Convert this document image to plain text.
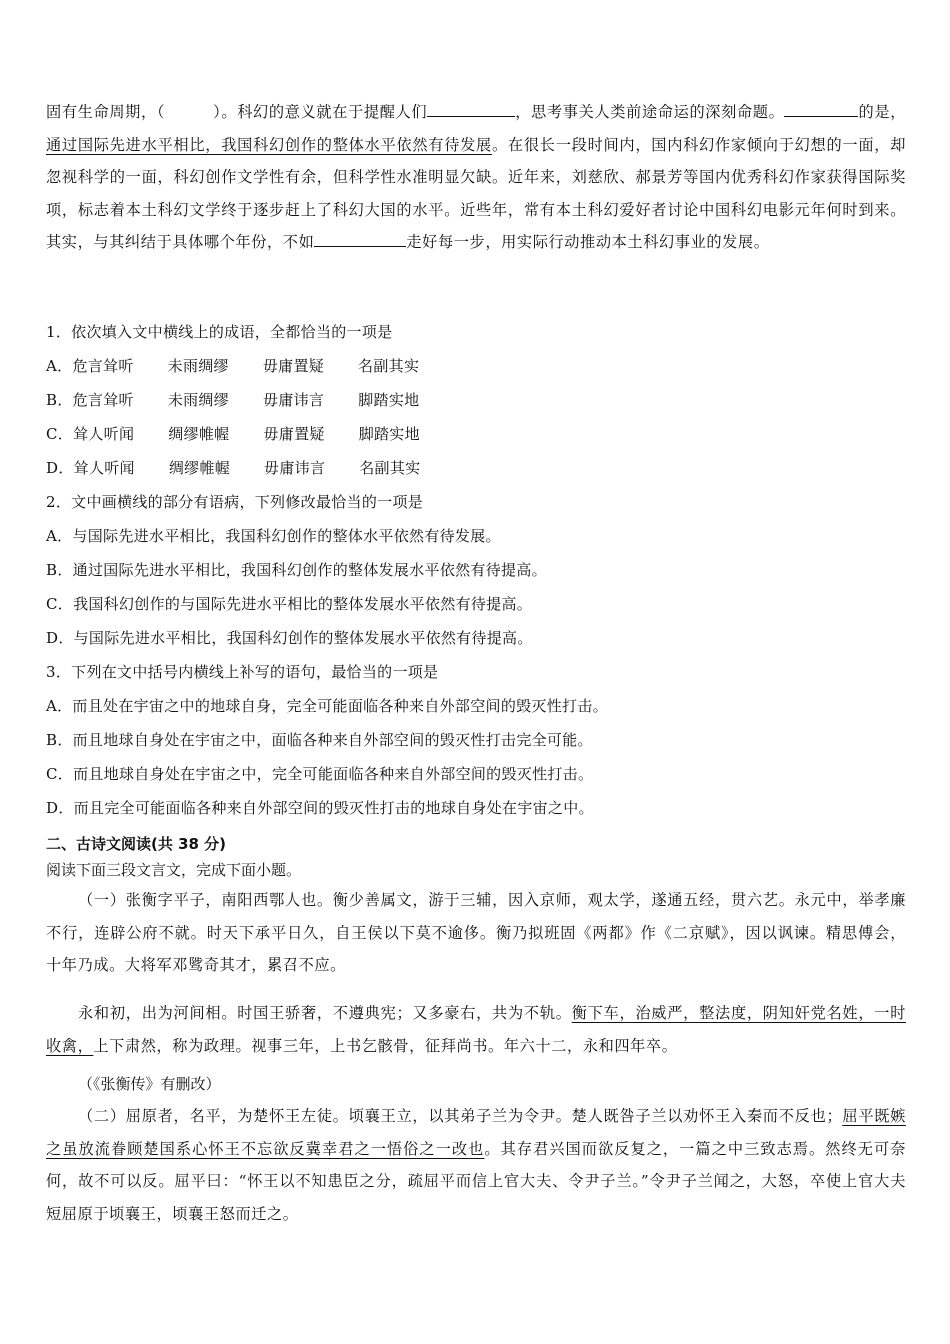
固有生命周期，（	）。科幻的意义就在于提醒人们	，思考事关人类前途命运的深刻命题。	的是，通过国际先进水平相比，我国科幻创作的整体水平依然有待发展。在很长一段时间内，国内科幻作家倾向于幻想的一面，却忽视科学的一面，科幻创作文学性有余，但科学性水准明显欠缺。近年来，刘慈欣、郝景芳等国内优秀科幻作家获得国际奖项，标志着本土科幻文学终于逐步赶上了科幻大国的水平。近些年，常有本土科幻爱好者讨论中国科幻电影元年何时到来。其实，与其纠结于具体哪个年份，不如	走好每一步，用实际行动推动本土科幻事业的发展。

1．依次填入文中横线上的成语，全都恰当的一项是

A．危言耸听 未雨绸缪 毋庸置疑 名副其实

B．危言耸听 未雨绸缪 毋庸讳言 脚踏实地

C．耸人听闻 绸缪帷幄 毋庸置疑 脚踏实地

D．耸人听闻 绸缪帷幄 毋庸讳言 名副其实

2．文中画横线的部分有语病，下列修改最恰当的一项是

A．与国际先进水平相比，我国科幻创作的整体水平依然有待发展。

B．通过国际先进水平相比，我国科幻创作的整体发展水平依然有待提高。

C．我国科幻创作的与国际先进水平相比的整体发展水平依然有待提高。

D．与国际先进水平相比，我国科幻创作的整体发展水平依然有待提高。

3．下列在文中括号内横线上补写的语句，最恰当的一项是

A．而且处在宇宙之中的地球自身，完全可能面临各种来自外部空间的毁灭性打击。

B．而且地球自身处在宇宙之中，面临各种来自外部空间的毁灭性打击完全可能。

C．而且地球自身处在宇宙之中，完全可能面临各种来自外部空间的毁灭性打击。

D．而且完全可能面临各种来自外部空间的毁灭性打击的地球自身处在宇宙之中。

二、古诗文阅读(共 38 分)

阅读下面三段文言文，完成下面小题。

（一）张衡字平子，南阳西鄂人也。衡少善属文，游于三辅，因入京师，观太学，遂通五经，贯六艺。永元中，举孝廉不行，连辟公府不就。时天下承平日久，自王侯以下莫不逾侈。衡乃拟班固《两都》作《二京赋》，因以讽谏。精思傅会，十年乃成。大将军邓骘奇其才，累召不应。

永和初，出为河间相。时国王骄奢，不遵典宪；又多豪右，共为不轨。衡下车，治威严，整法度，阴知奸党名姓，一时收禽，上下肃然，称为政理。视事三年，上书乞骸骨，征拜尚书。年六十二，永和四年卒。

（《张衡传》有删改）

（二）屈原者，名平，为楚怀王左徒。顷襄王立，以其弟子兰为令尹。楚人既咎子兰以劝怀王入秦而不反也；屈平既嫉之虽放流眷顾楚国系心怀王不忘欲反冀幸君之一悟俗之一改也。其存君兴国而欲反复之，一篇之中三致志焉。然终无可奈何，故不可以反。屈平曰：“怀王以不知患臣之分，疏屈平而信上官大夫、令尹子兰。”令尹子兰闻之，大怒，卒使上官大夫短屈原于顷襄王，顷襄王怒而迁之。
